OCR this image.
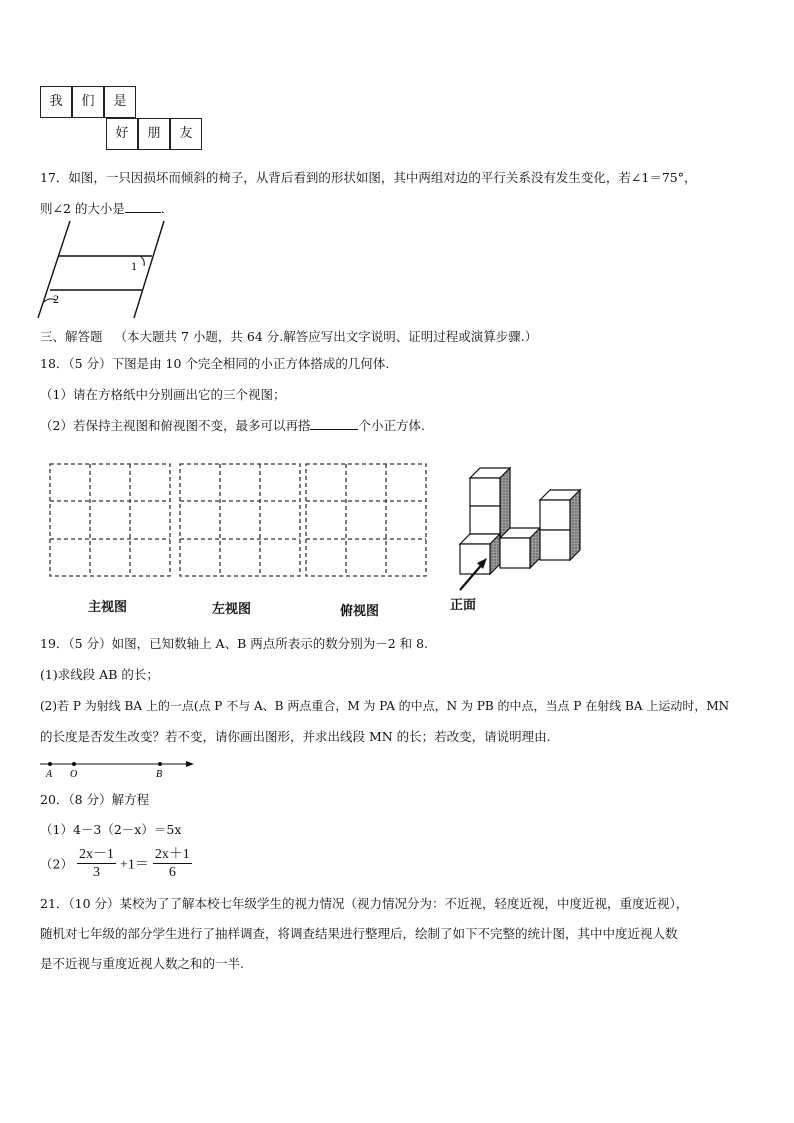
我	们	是
好	朋	友
17．如图，一只因损坏而倾斜的椅子，从背后看到的形状如图，其中两组对边的平行关系没有发生变化，若∠1＝75°，
则∠2 的大小是	．
1
2
三、解答题 （本大题共 7 小题，共 64 分.解答应写出文字说明、证明过程或演算步骤.）
18．（5 分）下图是由 10 个完全相同的小正方体搭成的几何体.
（1）请在方格纸中分别画出它的三个视图；
（2）若保持主视图和俯视图不变，最多可以再搭	个小正方体.
主视图	左视图	俯视图	正面
19．（5 分）如图，已知数轴上 A、B 两点所表示的数分别为－2 和 8.
(1)求线段 AB 的长；
(2)若 P 为射线 BA 上的一点(点 P 不与 A、B 两点重合，M 为 PA 的中点，N 为 PB 的中点，当点 P 在射线 BA 上运动时，MN
的长度是否发生改变？若不变，请你画出图形，并求出线段 MN 的长；若改变，请说明理由.
A O	B
20．（8 分）解方程
（1）4－3（2－x）＝5x
$(2) \frac{2x-1}{3} +1= \frac{2x+1}{6}$
21．（10 分）某校为了了解本校七年级学生的视力情况（视力情况分为：不近视，轻度近视，中度近视，重度近视），
随机对七年级的部分学生进行了抽样调查，将调查结果进行整理后，绘制了如下不完整的统计图，其中中度近视人数
是不近视与重度近视人数之和的一半.
